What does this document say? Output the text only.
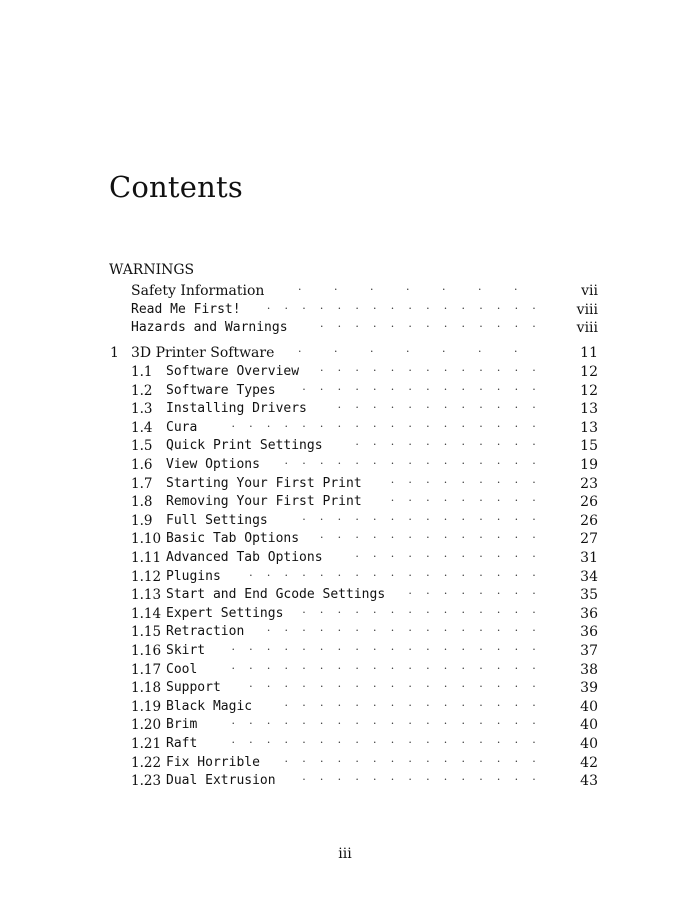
Contents
WARNINGS
Safety Information	vii
·······
Read Me First!	viii
················
Hazards and Warnings	viii
·············
1 3D Printer Software	11
·······
1.1 Software Overview	12
·············
1.2 Software Types	12
··············
1.3 Installing Drivers	13
············
1.4 Cura	13
··················
1.5 Quick Print Settings	15
···········
1.6 View Options	19
···············
1.7 Starting Your First Print	23
·········
1.8 Removing Your First Print	26
·········
1.9 Full Settings	26
··············
1.10 Basic Tab Options	27
·············
1.11 Advanced Tab Options	31
···········
1.12 Plugins	34
·················
1.13 Start and End Gcode Settings	35
········
1.14 Expert Settings	36
··············
1.15 Retraction	36
················
1.16 Skirt	37
··················
1.17 Cool	38
··················
1.18 Support	39
·················
1.19 Black Magic	40
···············
1.20 Brim	40
··················
1.21 Raft	40
··················
1.22 Fix Horrible	42
···············
1.23 Dual Extrusion	43
··············
iii
